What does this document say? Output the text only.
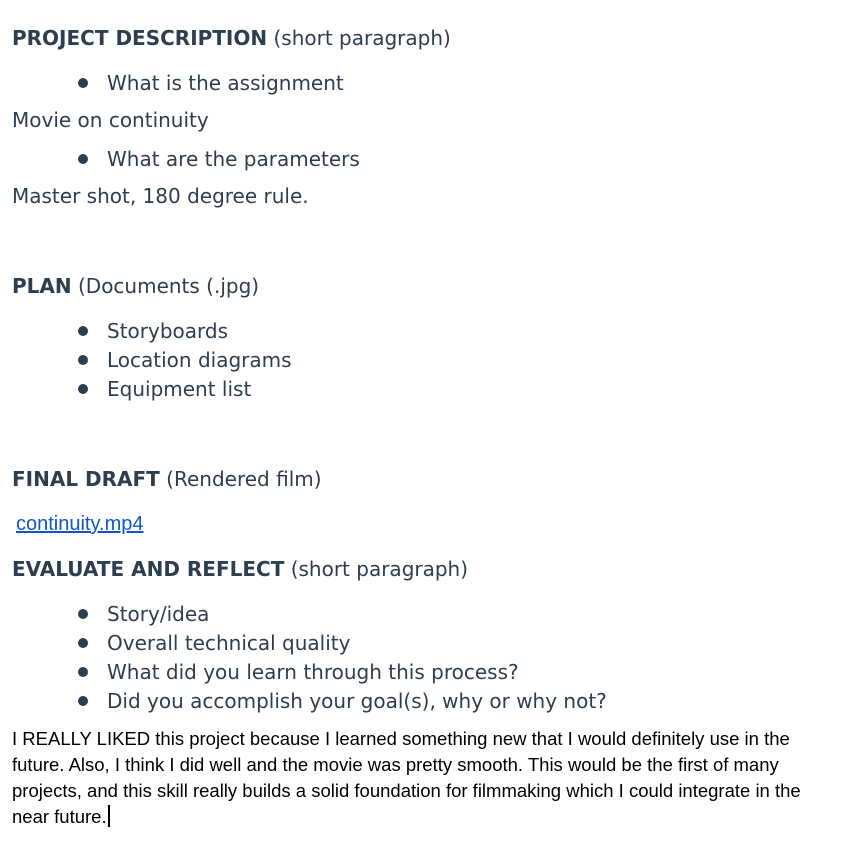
PROJECT DESCRIPTION (short paragraph)
What is the assignment
Movie on continuity
What are the parameters
Master shot, 180 degree rule.
PLAN (Documents (.jpg)
Storyboards
Location diagrams
Equipment list
FINAL DRAFT (Rendered film)
continuity.mp4
EVALUATE AND REFLECT (short paragraph)
Story/idea
Overall technical quality
What did you learn through this process?
Did you accomplish your goal(s), why or why not?
I REALLY LIKED this project because I learned something new that I would definitely use in the future. Also, I think I did well and the movie was pretty smooth. This would be the first of many projects, and this skill really builds a solid foundation for filmmaking which I could integrate in the near future.
